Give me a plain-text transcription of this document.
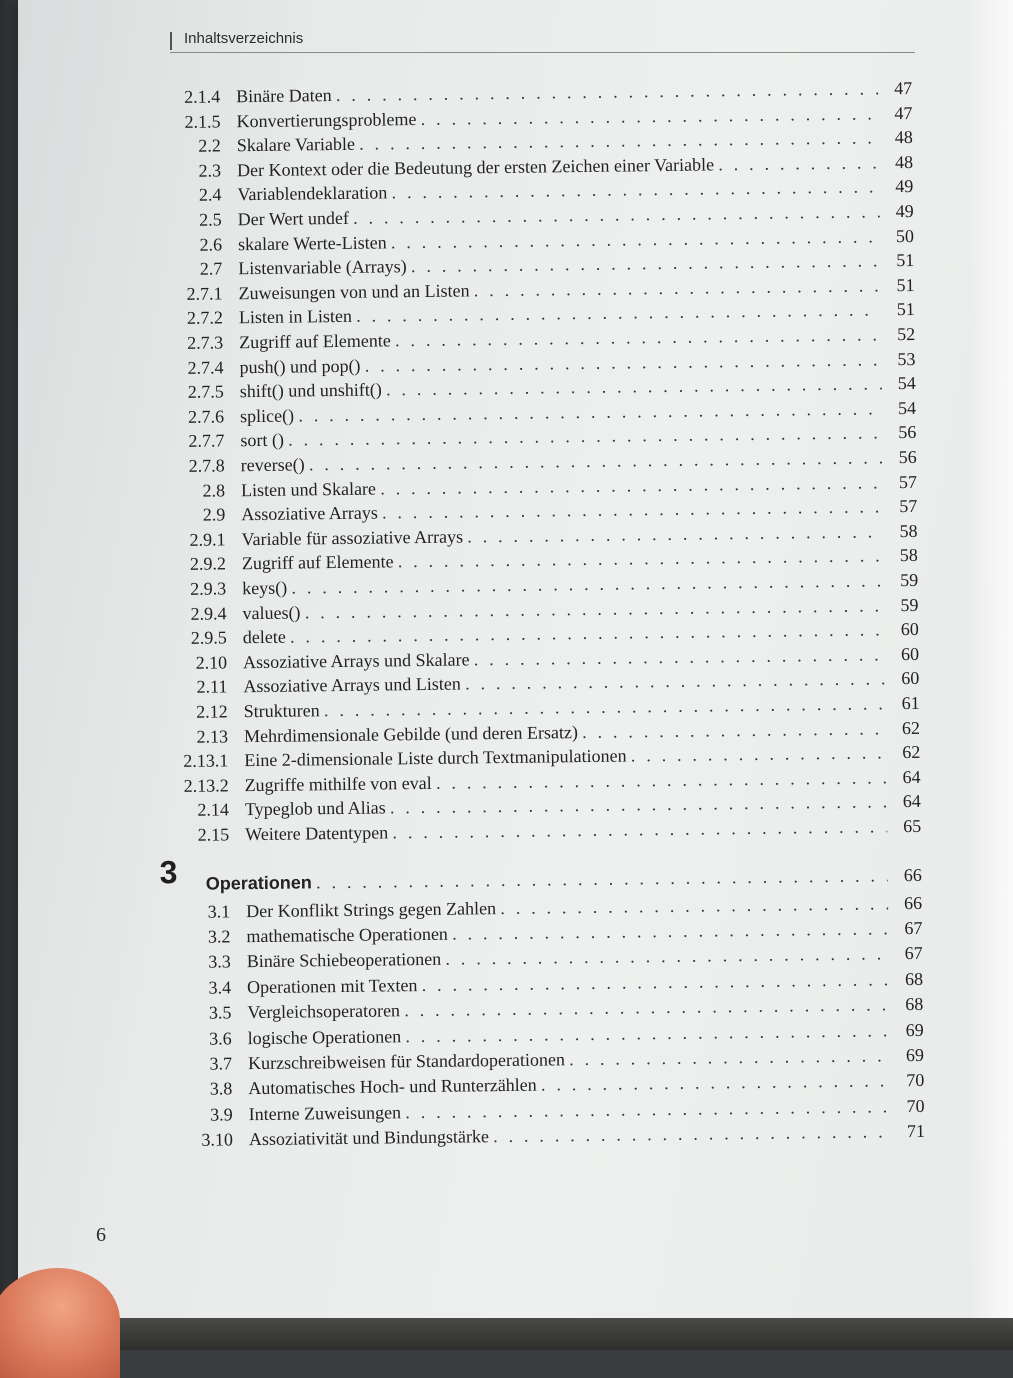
Inhaltsverzeichnis
2.1.4 Binäre Daten	47
. . .
2.1.5 Konvertierungsprobleme	47
. . .
2.2 Skalare Variable	48
. . .
2.3 Der Kontext oder die Bedeutung der ersten Zeichen einer Variable	48
. . .
2.4 Variablendeklaration	49
. . .
2.5 Der Wert undef	49
. . .
2.6 skalare Werte-Listen	50
. . .
2.7 Listenvariable (Arrays)	51
. . .
2.7.1 Zuweisungen von und an Listen	51
. . .
2.7.2 Listen in Listen	51
. . .
2.7.3 Zugriff auf Elemente	52
. . .
2.7.4 push() und pop()	53
. . .
2.7.5 shift() und unshift()	54
. . .
2.7.6 splice()	54
. . .
2.7.7 sort ()	56
. . .
2.7.8 reverse()	56
. . .
2.8 Listen und Skalare	57
. . .
2.9 Assoziative Arrays	57
. . .
2.9.1 Variable für assoziative Arrays	58
. . .
2.9.2 Zugriff auf Elemente	58
. . .
2.9.3 keys()	59
. . .
2.9.4 values()	59
. . .
2.9.5 delete	60
. . .
2.10 Assoziative Arrays und Skalare	60
. . .
2.11 Assoziative Arrays und Listen	60
. . .
2.12 Strukturen	61
. . .
2.13 Mehrdimensionale Gebilde (und deren Ersatz)	62
. . .
2.13.1 Eine 2-dimensionale Liste durch Textmanipulationen	62
. . .
2.13.2 Zugriffe mithilfe von eval	64
. . .
2.14 Typeglob und Alias	64
. . .
2.15 Weitere Datentypen	65
. . .
3 Operationen	66
. . .
3.1 Der Konflikt Strings gegen Zahlen	66
. . .
3.2 mathematische Operationen	67
. . .
3.3 Binäre Schiebeoperationen	67
. . .
3.4 Operationen mit Texten	68
. . .
3.5 Vergleichsoperatoren	68
. . .
3.6 logische Operationen	69
. . .
3.7 Kurzschreibweisen für Standardoperationen	69
. . .
3.8 Automatisches Hoch- und Runterzählen	70
. . .
3.9 Interne Zuweisungen	70
. . .
3.10 Assoziativität und Bindungstärke	71
. . .
6
